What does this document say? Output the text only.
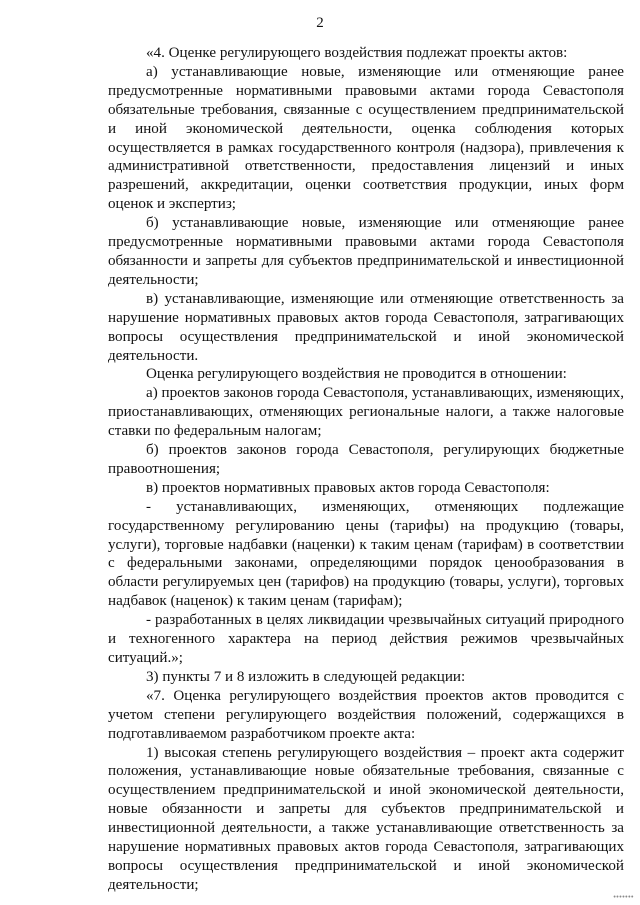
2

«4. Оценке регулирующего воздействия подлежат проекты актов:

а) устанавливающие новые, изменяющие или отменяющие ранее предусмотренные нормативными правовыми актами города Севастополя обязательные требования, связанные с осуществлением предпринимательской и иной экономической деятельности, оценка соблюдения которых осуществляется в рамках государственного контроля (надзора), привлечения к административной ответственности, предоставления лицензий и иных разрешений, аккредитации, оценки соответствия продукции, иных форм оценок и экспертиз;

б) устанавливающие новые, изменяющие или отменяющие ранее предусмотренные нормативными правовыми актами города Севастополя обязанности и запреты для субъектов предпринимательской и инвестиционной деятельности;

в) устанавливающие, изменяющие или отменяющие ответственность за нарушение нормативных правовых актов города Севастополя, затрагивающих вопросы осуществления предпринимательской и иной экономической деятельности.

Оценка регулирующего воздействия не проводится в отношении:

а) проектов законов города Севастополя, устанавливающих, изменяющих, приостанавливающих, отменяющих региональные налоги, а также налоговые ставки по федеральным налогам;

б) проектов законов города Севастополя, регулирующих бюджетные правоотношения;

в) проектов нормативных правовых актов города Севастополя:

- устанавливающих, изменяющих, отменяющих подлежащие государственному регулированию цены (тарифы) на продукцию (товары, услуги), торговые надбавки (наценки) к таким ценам (тарифам) в соответствии с федеральными законами, определяющими порядок ценообразования в области регулируемых цен (тарифов) на продукцию (товары, услуги), торговых надбавок (наценок) к таким ценам (тарифам);

- разработанных в целях ликвидации чрезвычайных ситуаций природного и техногенного характера на период действия режимов чрезвычайных ситуаций.»;

3) пункты 7 и 8 изложить в следующей редакции:

«7. Оценка регулирующего воздействия проектов актов проводится с учетом степени регулирующего воздействия положений, содержащихся в подготавливаемом разработчиком проекте акта:

1) высокая степень регулирующего воздействия – проект акта содержит положения, устанавливающие новые обязательные требования, связанные с осуществлением предпринимательской и иной экономической деятельности, новые обязанности и запреты для субъектов предпринимательской и инвестиционной деятельности, а также устанавливающие ответственность за нарушение нормативных правовых актов города Севастополя, затрагивающих вопросы осуществления предпринимательской и иной экономической деятельности;

•••••••
